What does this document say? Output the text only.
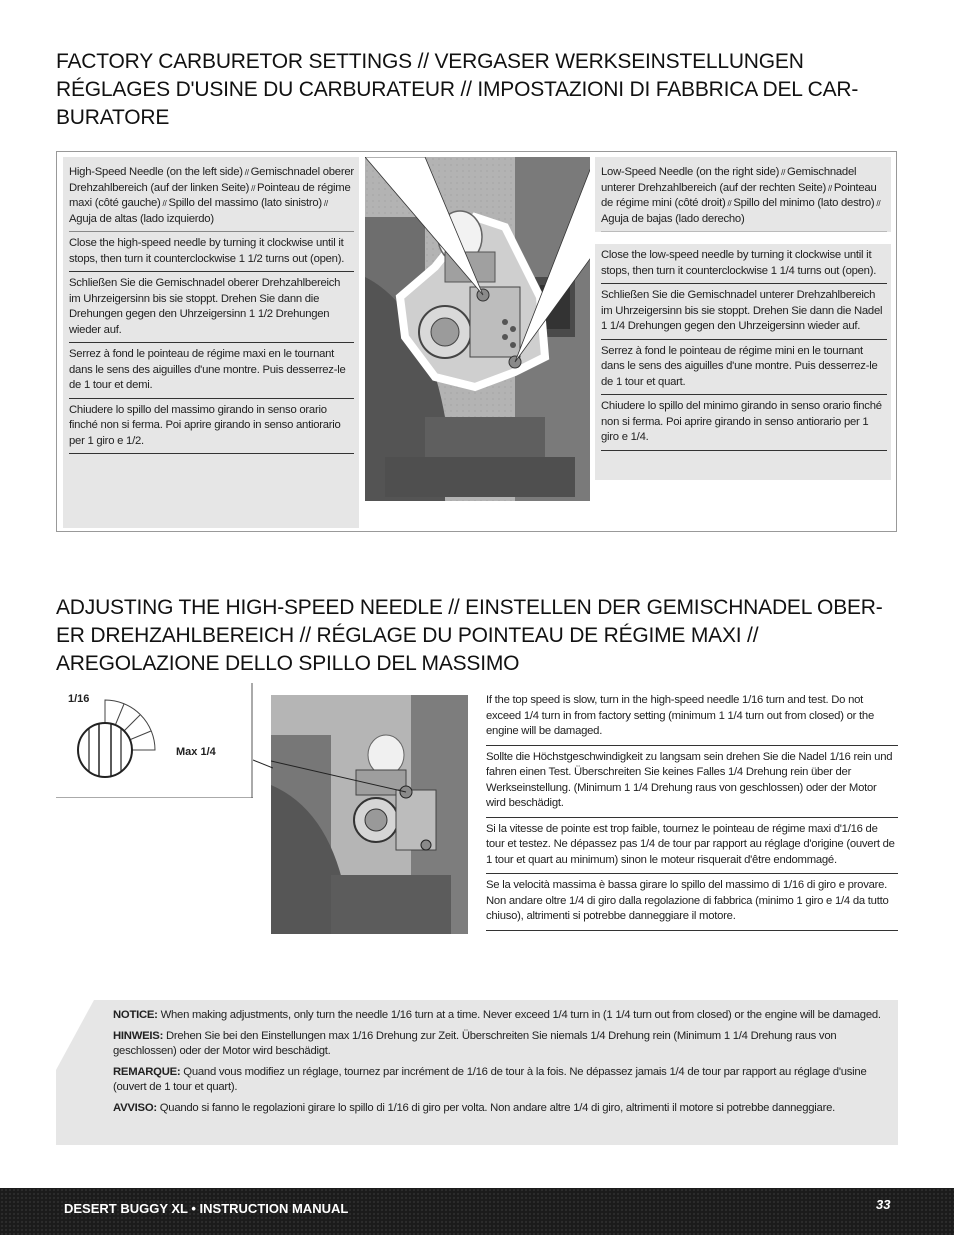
FACTORY CARBURETOR SETTINGS // VERGASER WERKSEINSTELLUNGEN
RÉGLAGES D'USINE DU CARBURATEUR // IMPOSTAZIONI DI FABBRICA DEL CAR-
BURATORE
High-Speed Needle (on the left side) // Gemischnadel oberer Drehzahlbereich (auf der linken Seite) // Pointeau de régime maxi (côté gauche) // Spillo del massimo (lato sinistro) // Aguja de altas (lado izquierdo)
Close the high-speed needle by turning it clockwise until it stops, then turn it counterclockwise 1 1/2 turns out (open).
Schließen Sie die Gemischnadel oberer Drehzahlbereich im Uhrzeigersinn bis sie stoppt. Drehen Sie dann die Drehungen gegen den Uhrzeigersinn 1 1/2 Drehungen wieder auf.
Serrez à fond le pointeau de régime maxi en le tournant dans le sens des aiguilles d'une montre. Puis desserrez-le de 1 tour et demi.
Chiudere lo spillo del massimo girando in senso orario finché non si ferma. Poi aprire girando in senso antiorario per 1 giro e 1/2.
Low-Speed Needle (on the right side) // Gemischnadel unterer Drehzahlbereich (auf der rechten Seite) // Pointeau de régime mini (côté droit) // Spillo del minimo (lato destro) // Aguja de bajas (lado derecho)
Close the low-speed needle by turning it clockwise until it stops, then turn it counterclockwise 1 1/4 turns out (open).
Schließen Sie die Gemischnadel unterer Drehzahlbereich im Uhrzeigersinn bis sie stoppt. Drehen Sie dann die Nadel 1 1/4 Drehungen gegen den Uhrzeigersinn wieder auf.
Serrez à fond le pointeau de régime mini en le tournant dans le sens des aiguilles d'une montre. Puis desserrez-le de 1 tour et quart.
Chiudere lo spillo del minimo girando in senso orario finché non si ferma. Poi aprire girando in senso antiorario per 1 giro e 1/4.
ADJUSTING THE HIGH-SPEED NEEDLE // EINSTELLEN DER GEMISCHNADEL OBER-
ER DREHZAHLBEREICH // RÉGLAGE DU POINTEAU DE RÉGIME MAXI //
AREGOLAZIONE DELLO SPILLO DEL MASSIMO
1/16
Max 1/4
If the top speed is slow, turn in the high-speed needle 1/16 turn and test. Do not exceed 1/4 turn in from factory setting (minimum 1 1/4 turn out from closed) or the engine will be damaged.
Sollte die Höchstgeschwindigkeit zu langsam sein drehen Sie die Nadel 1/16 rein und fahren einen Test. Überschreiten Sie keines Falles 1/4 Drehung rein über der Werkseinstellung. (Minimum 1 1/4 Drehung raus von geschlossen) oder der Motor wird beschädigt.
Si la vitesse de pointe est trop faible, tournez le pointeau de régime maxi d'1/16 de tour et testez. Ne dépassez pas 1/4 de tour par rapport au réglage d'origine (ouvert de 1 tour et quart au minimum) sinon le moteur risquerait d'être endommagé.
Se la velocità massima è bassa girare lo spillo del massimo di 1/16 di giro e provare. Non andare oltre 1/4 di giro dalla regolazione di fabbrica (minimo 1 giro e 1/4 da tutto chiuso), altrimenti si potrebbe danneggiare il motore.

NOTICE: When making adjustments, only turn the needle 1/16 turn at a time. Never exceed 1/4 turn in (1 1/4 turn out from closed) or the engine will be damaged.

HINWEIS: Drehen Sie bei den Einstellungen max 1/16 Drehung zur Zeit. Überschreiten Sie niemals 1/4 Drehung rein (Minimum 1 1/4 Drehung raus von geschlossen) oder der Motor wird beschädigt.

REMARQUE: Quand vous modifiez un réglage, tournez par incrément de 1/16 de tour à la fois. Ne dépassez jamais 1/4 de tour par rapport au réglage d'usine (ouvert de 1 tour et quart).

AVVISO: Quando si fanno le regolazioni girare lo spillo di 1/16 di giro per volta. Non andare altre 1/4 di giro, altrimenti il motore si potrebbe danneggiare.

DESERT BUGGY XL • INSTRUCTION MANUAL	33
